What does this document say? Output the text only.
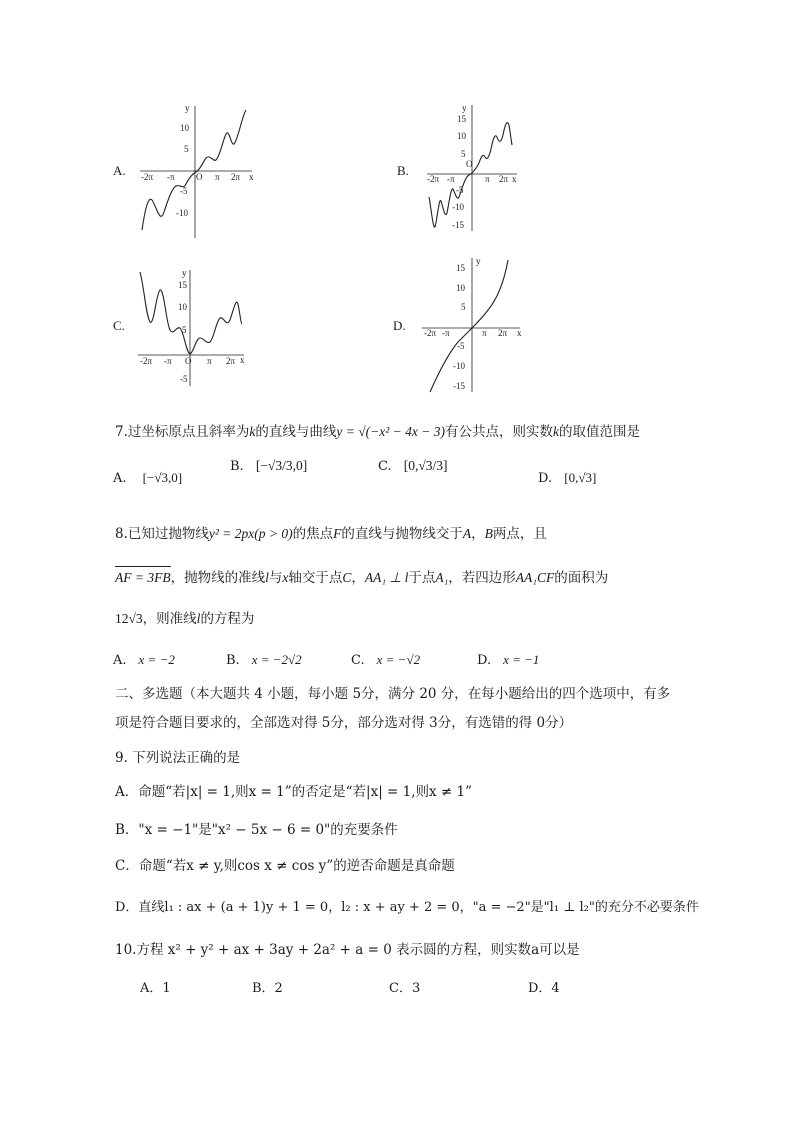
A.	B.
C.	D.
y
x
10
5
-5
-10
-2π -π O π 2π
y
x
15
10
5
-5
-10
-15
-2π -π
O
π 2π
y
x
15
10
5
-5
-2π -π O π 2π
y
x
15
10
5
-5
-10
-15
-2π -π	π 2π
7.过坐标原点且斜率为k的直线与曲线y = √(−x² − 4x − 3)有公共点，则实数k的取值范围是
A. [−√3,0]
B. [−√3/3,0]	C. [0,√3/3]
D. [0,√3]
8.已知过抛物线y² = 2px(p > 0)的焦点F的直线与抛物线交于A，B两点，且
AF = 3FB，抛物线的准线l与x轴交于点C，AA₁ ⊥ l于点A₁，若四边形AA₁CF的面积为
12√3，则准线l的方程为
A. x = −2	B. x = −2√2	C. x = −√2	D. x = −1
二、多选题（本大题共 4 小题，每小题 5分，满分 20 分，在每小题给出的四个选项中，有多
项是符合题目要求的，全部选对得 5分，部分选对得 3分，有选错的得 0分）
9. 下列说法正确的是
A．命题“若|x| = 1,则x = 1”的否定是“若|x| = 1,则x ≠ 1”
B．"x = −1"是"x² − 5x − 6 = 0"的充要条件
C．命题“若x ≠ y,则cos x ≠ cos y”的逆否命题是真命题
D．直线l₁ : ax + (a + 1)y + 1 = 0，l₂ : x + ay + 2 = 0，"a = −2"是"l₁ ⊥ l₂"的充分不必要条件
10.方程 x² + y² + ax + 3ay + 2a² + a = 0 表示圆的方程，则实数a可以是
A．1	B．2	C．3	D．4
